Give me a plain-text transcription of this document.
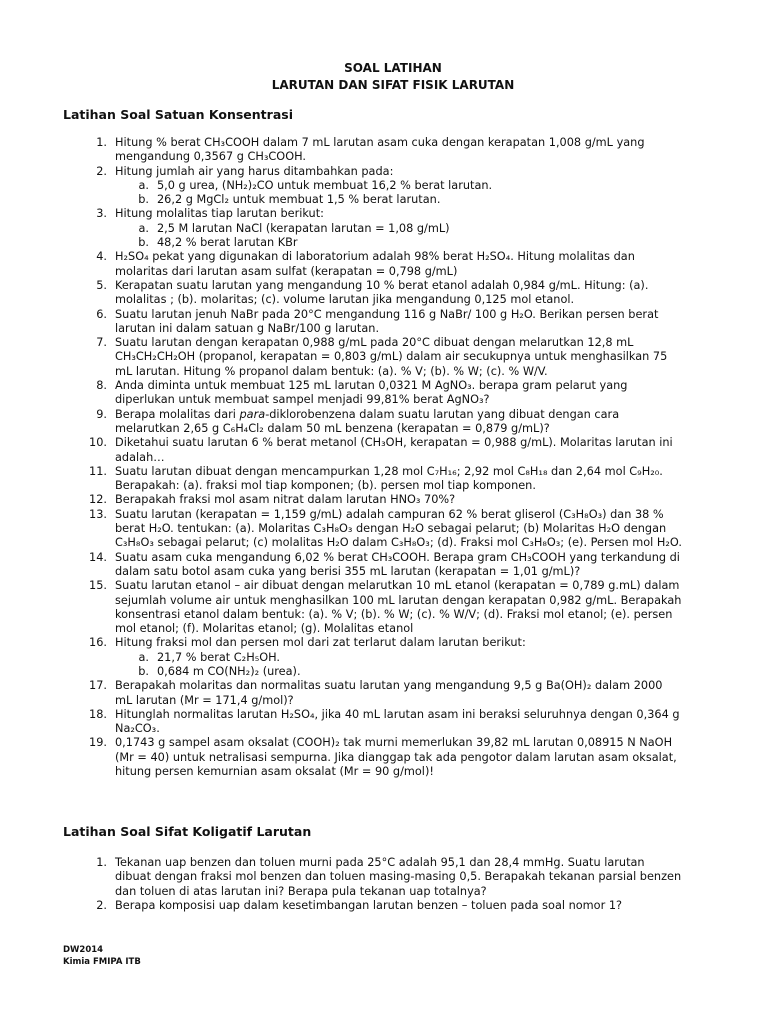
SOAL LATIHAN
LARUTAN DAN SIFAT FISIK LARUTAN
Latihan Soal Satuan Konsentrasi
1. Hitung % berat CH₃COOH dalam 7 mL larutan asam cuka dengan kerapatan 1,008 g/mL yang mengandung 0,3567 g CH₃COOH.
2. Hitung jumlah air yang harus ditambahkan pada:
a. 5,0 g urea, (NH₂)₂CO untuk membuat 16,2 % berat larutan.
b. 26,2 g MgCl₂ untuk membuat 1,5 % berat larutan.
3. Hitung molalitas tiap larutan berikut:
a. 2,5 M larutan NaCl (kerapatan larutan = 1,08 g/mL)
b. 48,2 % berat larutan KBr
4. H₂SO₄ pekat yang digunakan di laboratorium adalah 98% berat H₂SO₄. Hitung molalitas dan molaritas dari larutan asam sulfat (kerapatan = 0,798 g/mL)
5. Kerapatan suatu larutan yang mengandung 10 % berat etanol adalah 0,984 g/mL. Hitung: (a). molalitas ; (b). molaritas; (c). volume larutan jika mengandung 0,125 mol etanol.
6. Suatu larutan jenuh NaBr pada 20°C mengandung 116 g NaBr/ 100 g H₂O. Berikan persen berat larutan ini dalam satuan g NaBr/100 g larutan.
7. Suatu larutan dengan kerapatan 0,988 g/mL pada 20°C dibuat dengan melarutkan 12,8 mL CH₃CH₂CH₂OH (propanol, kerapatan = 0,803 g/mL) dalam air secukupnya untuk menghasilkan 75 mL larutan. Hitung % propanol dalam bentuk: (a). % V; (b). % W; (c). % W/V.
8. Anda diminta untuk membuat 125 mL larutan 0,0321 M AgNO₃. berapa gram pelarut yang diperlukan untuk membuat sampel menjadi 99,81% berat AgNO₃?
9. Berapa molalitas dari para-diklorobenzena dalam suatu larutan yang dibuat dengan cara melarutkan 2,65 g C₆H₄Cl₂ dalam 50 mL benzena (kerapatan = 0,879 g/mL)?
10. Diketahui suatu larutan 6 % berat metanol (CH₃OH, kerapatan = 0,988 g/mL). Molaritas larutan ini adalah…
11. Suatu larutan dibuat dengan mencampurkan 1,28 mol C₇H₁₆; 2,92 mol C₈H₁₈ dan 2,64 mol C₉H₂₀. Berapakah: (a). fraksi mol tiap komponen; (b). persen mol tiap komponen.
12. Berapakah fraksi mol asam nitrat dalam larutan HNO₃ 70%?
13. Suatu larutan (kerapatan = 1,159 g/mL) adalah campuran 62 % berat gliserol (C₃H₈O₃) dan 38 % berat H₂O. tentukan: (a). Molaritas C₃H₈O₃ dengan H₂O sebagai pelarut; (b) Molaritas H₂O dengan C₃H₈O₃ sebagai pelarut; (c) molalitas H₂O dalam C₃H₈O₃; (d). Fraksi mol C₃H₈O₃; (e). Persen mol H₂O.
14. Suatu asam cuka mengandung 6,02 % berat CH₃COOH. Berapa gram CH₃COOH yang terkandung di dalam satu botol asam cuka yang berisi 355 mL larutan (kerapatan = 1,01 g/mL)?
15. Suatu larutan etanol – air dibuat dengan melarutkan 10 mL etanol (kerapatan = 0,789 g.mL) dalam sejumlah volume air untuk menghasilkan 100 mL larutan dengan kerapatan 0,982 g/mL. Berapakah konsentrasi etanol dalam bentuk: (a). % V; (b). % W; (c). % W/V; (d). Fraksi mol etanol; (e). persen mol etanol; (f). Molaritas etanol; (g). Molalitas etanol
16. Hitung fraksi mol dan persen mol dari zat terlarut dalam larutan berikut:
a. 21,7 % berat C₂H₅OH.
b. 0,684 m CO(NH₂)₂ (urea).
17. Berapakah molaritas dan normalitas suatu larutan yang mengandung 9,5 g Ba(OH)₂ dalam 2000 mL larutan (Mr = 171,4 g/mol)?
18. Hitunglah normalitas larutan H₂SO₄, jika 40 mL larutan asam ini beraksi seluruhnya dengan 0,364 g Na₂CO₃.
19. 0,1743 g sampel asam oksalat (COOH)₂ tak murni memerlukan 39,82 mL larutan 0,08915 N NaOH (Mr = 40) untuk netralisasi sempurna. Jika dianggap tak ada pengotor dalam larutan asam oksalat, hitung persen kemurnian asam oksalat (Mr = 90 g/mol)!
Latihan Soal Sifat Koligatif Larutan
1. Tekanan uap benzen dan toluen murni pada 25°C adalah 95,1 dan 28,4 mmHg. Suatu larutan dibuat dengan fraksi mol benzen dan toluen masing-masing 0,5. Berapakah tekanan parsial benzen dan toluen di atas larutan ini? Berapa pula tekanan uap totalnya?
2. Berapa komposisi uap dalam kesetimbangan larutan benzen – toluen pada soal nomor 1?
DW2014
Kimia FMIPA ITB
